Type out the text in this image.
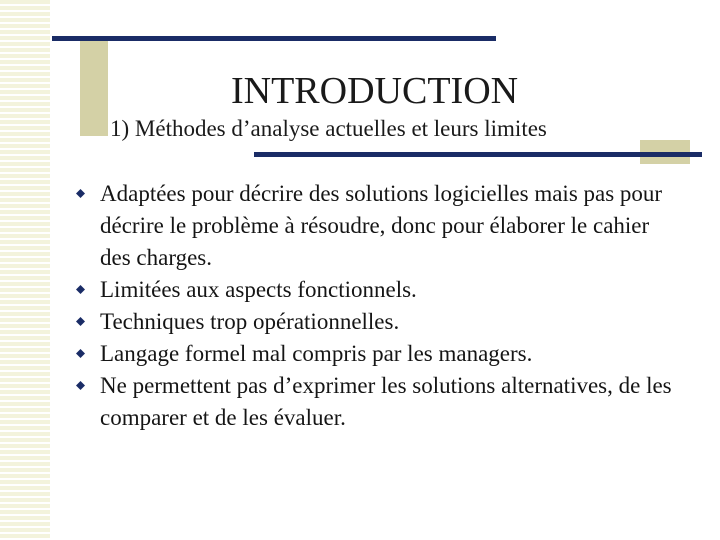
INTRODUCTION
1) Méthodes d’analyse actuelles et leurs limites
Adaptées pour décrire des solutions logicielles mais pas pour décrire le problème à résoudre, donc pour élaborer le cahier des charges.
Limitées aux aspects fonctionnels.
Techniques trop opérationnelles.
Langage formel mal compris par les managers.
Ne permettent pas d’exprimer les solutions alternatives, de les comparer et de les évaluer.
